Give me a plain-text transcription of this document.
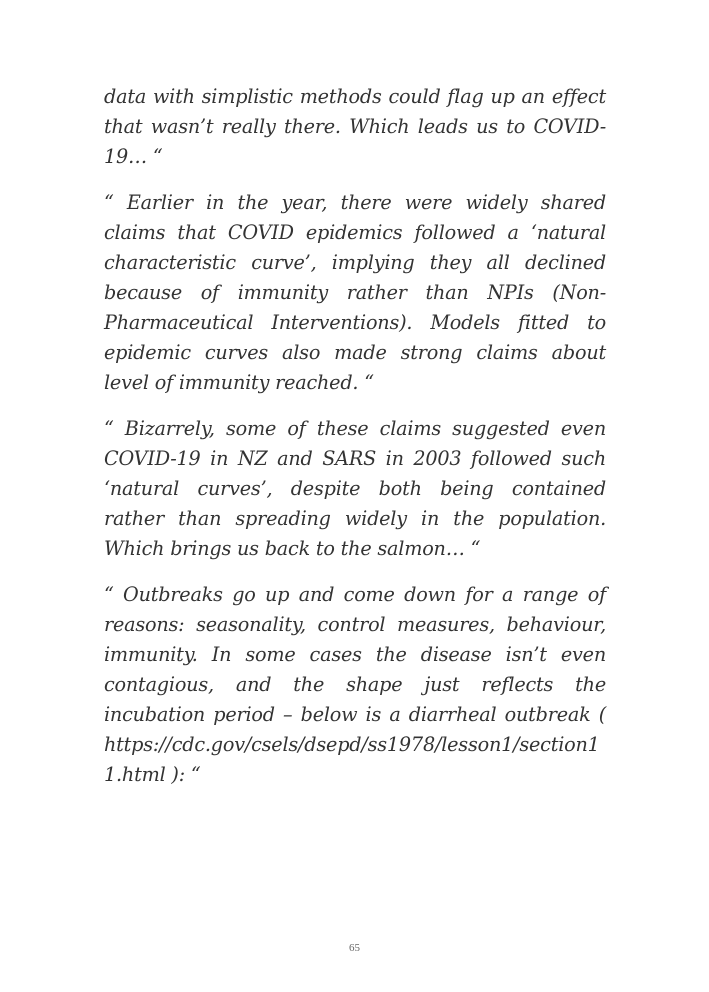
data with simplistic methods could flag up an effect that wasn’t really there. Which leads us to COVID-19… “

“ Earlier in the year, there were widely shared claims that COVID epidemics followed a ‘natural characteristic curve’, implying they all declined because of immunity rather than NPIs (Non-Pharmaceutical Interventions). Models fitted to epidemic curves also made strong claims about level of immunity reached. “

“ Bizarrely, some of these claims suggested even COVID-19 in NZ and SARS in 2003 followed such ‘natural curves’, despite both being contained rather than spreading widely in the population. Which brings us back to the salmon… “

“ Outbreaks go up and come down for a range of reasons: seasonality, control measures, behaviour, immunity. In some cases the disease isn’t even contagious, and the shape just reflects the incubation period – below is a diarrheal outbreak ( https://cdc.gov/csels/dsepd/ss1978/lesson1/section11.html ): “

65
